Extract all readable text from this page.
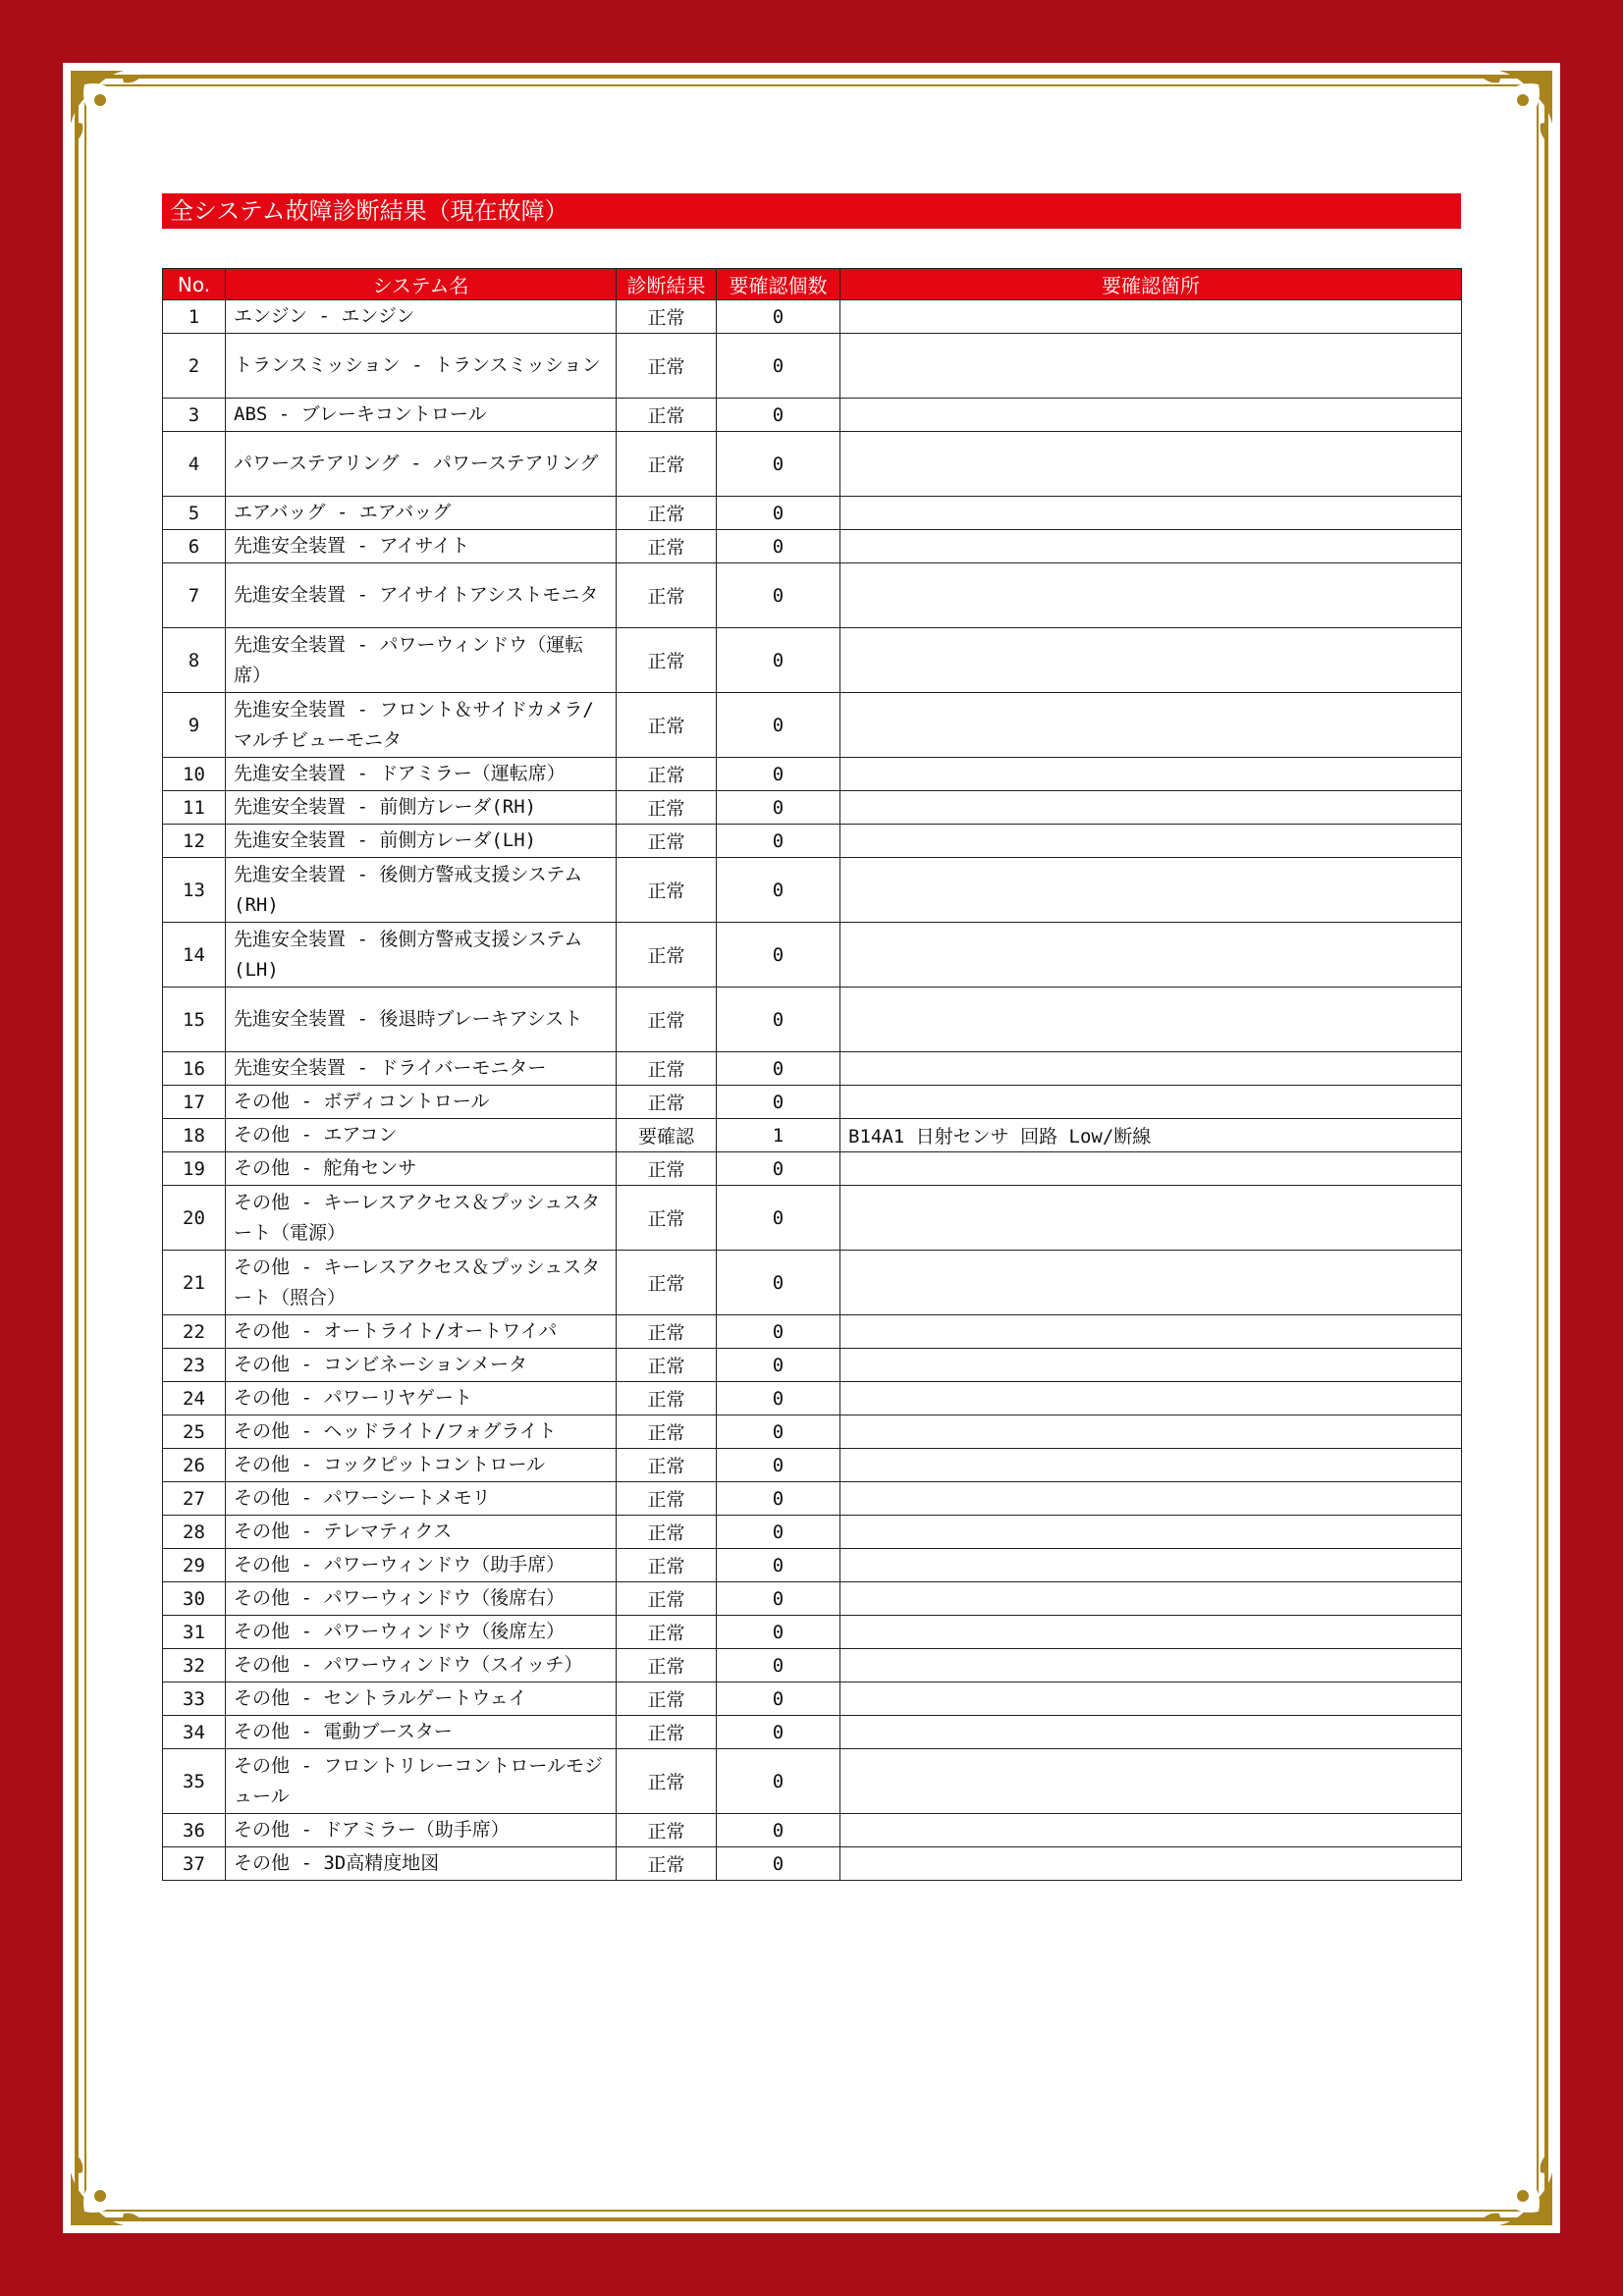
全システム故障診断結果（現在故障）
No.	システム名	診断結果	要確認個数	要確認箇所
1	エンジン - エンジン	正常	0	
2	トランスミッション - トランスミッション	正常	0	
3	ABS - ブレーキコントロール	正常	0	
4	パワーステアリング - パワーステアリング	正常	0	
5	エアバッグ - エアバッグ	正常	0	
6	先進安全装置 - アイサイト	正常	0	
7	先進安全装置 - アイサイトアシストモニタ	正常	0	
8	先進安全装置 - パワーウィンドウ（運転席）	正常	0	
9	先進安全装置 - フロント＆サイドカメラ/マルチビューモニタ	正常	0	
10	先進安全装置 - ドアミラー（運転席）	正常	0	
11	先進安全装置 - 前側方レーダ(RH)	正常	0	
12	先進安全装置 - 前側方レーダ(LH)	正常	0	
13	先進安全装置 - 後側方警戒支援システム(RH)	正常	0	
14	先進安全装置 - 後側方警戒支援システム(LH)	正常	0	
15	先進安全装置 - 後退時ブレーキアシスト	正常	0	
16	先進安全装置 - ドライバーモニター	正常	0	
17	その他 - ボディコントロール	正常	0	
18	その他 - エアコン	要確認	1	B14A1 日射センサ 回路 Low/断線
19	その他 - 舵角センサ	正常	0	
20	その他 - キーレスアクセス＆プッシュスタート（電源）	正常	0	
21	その他 - キーレスアクセス＆プッシュスタート（照合）	正常	0	
22	その他 - オートライト/オートワイパ	正常	0	
23	その他 - コンビネーションメータ	正常	0	
24	その他 - パワーリヤゲート	正常	0	
25	その他 - ヘッドライト/フォグライト	正常	0	
26	その他 - コックピットコントロール	正常	0	
27	その他 - パワーシートメモリ	正常	0	
28	その他 - テレマティクス	正常	0	
29	その他 - パワーウィンドウ（助手席）	正常	0	
30	その他 - パワーウィンドウ（後席右）	正常	0	
31	その他 - パワーウィンドウ（後席左）	正常	0	
32	その他 - パワーウィンドウ（スイッチ）	正常	0	
33	その他 - セントラルゲートウェイ	正常	0	
34	その他 - 電動ブースター	正常	0	
35	その他 - フロントリレーコントロールモジュール	正常	0	
36	その他 - ドアミラー（助手席）	正常	0	
37	その他 - 3D高精度地図	正常	0	
